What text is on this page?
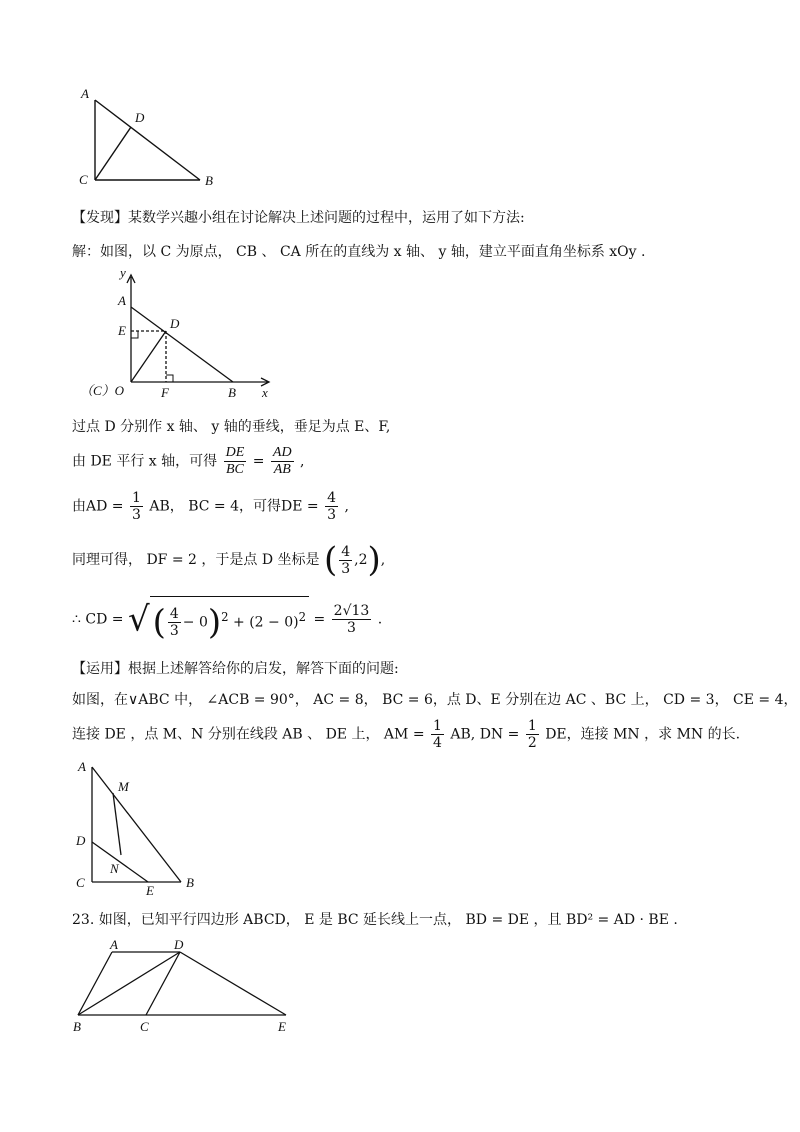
A
D
C	B
【发现】某数学兴趣小组在讨论解决上述问题的过程中，运用了如下方法:
解：如图，以 C 为原点， CB 、 CA 所在的直线为 x 轴、 y 轴，建立平面直角坐标系 xOy .
y
A
E	D
（C）O	F	B x
过点 D 分别作 x 轴、 y 轴的垂线，垂足为点 E、F,
由 DE 平行 x 轴，可得 $\frac{DE}{BC} = \frac{AD}{AB}$ ,
由AD = $\frac{1}{3}$ AB， BC = 4，可得DE = $\frac{4}{3}$ ,
同理可得， DF = 2 ，于是点 D 坐标是 ( $\frac{4}{3} ,2$),
∴ CD = √( $\frac{4}{3} - 0)^2 + (2 - 0)^2 = \frac{2√13}{3}$ .
【运用】根据上述解答给你的启发，解答下面的问题:
如图，在∨ABC 中， ∠ACB = 90°， AC = 8， BC = 6，点 D、E 分别在边 AC 、BC 上， CD = 3， CE = 4，
连接 DE ，点 M、N 分别在线段 AB 、 DE 上， AM = $\frac{1}{4}$ AB, DN = $\frac{1}{2}$ DE，连接 MN ，求 MN 的长.
A
M
D
N
C
E
B
23. 如图，已知平行四边形 ABCD， E 是 BC 延长线上一点， BD = DE ，且 BD² = AD · BE .
A	D
B	C	E
